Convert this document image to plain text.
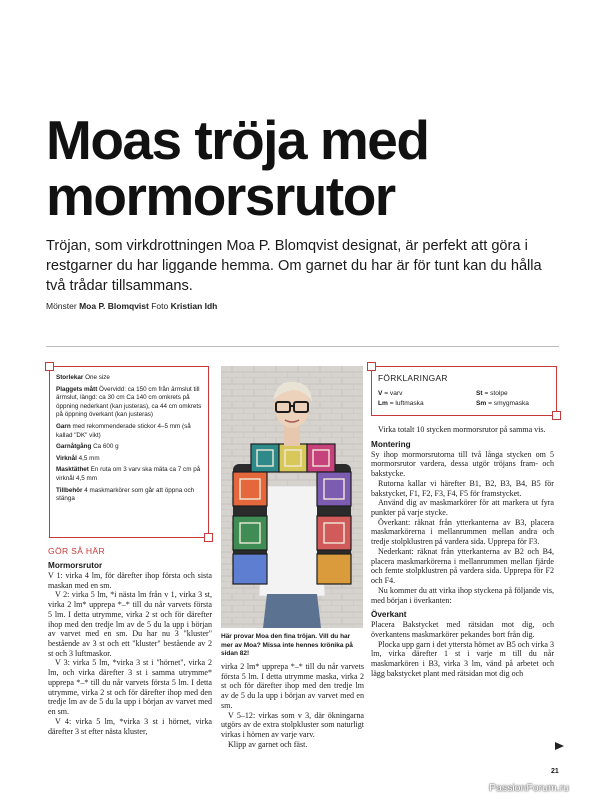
Moas tröja med mormorsrutor

Tröjan, som virkdrottningen Moa P. Blomqvist designat, är perfekt att göra i restgarner du har liggande hemma. Om garnet du har är för tunt kan du hålla två trådar tillsammans.

Mönster Moa P. Blomqvist Foto Kristian Idh
Storlekar One size
Plaggets mått Övervidd: ca 150 cm från ärmslut till ärmslut, längd: ca 30 cm Ca 140 cm omkrets på öppning nederkant (kan justeras), ca 44 cm omkrets på öppning överkant (kan justeras)
Garn med rekommenderade stickor 4–5 mm (så kallad "DK" vikt)
Garnåtgång Ca 600 g
Virknål 4,5 mm
Masktäthet En ruta om 3 varv ska mäta ca 7 cm på virknål 4,5 mm
Tillbehör 4 maskmarkörer som går att öppna och stänga
GÖR SÅ HÄR
Mormorsrutor

V 1: virka 4 lm, för därefter ihop första och sista maskan med en sm.

V 2: virka 5 lm, *i nästa lm från v 1, virka 3 st, virka 2 lm* upprepa *–* till du når varvets första 5 lm. I detta utrymme, virka 2 st och för därefter ihop med den tredje lm av de 5 du la upp i början av varvet med en sm. Du har nu 3 "kluster" bestående av 3 st och ett "kluster" bestående av 2 st och 3 luftmaskor.

V 3: virka 5 lm, *virka 3 st i "hörnet", virka 2 lm, och virka därefter 3 st i samma utrymme* upprepa *–* till du når varvets första 5 lm. I detta utrymme, virka 2 st och för därefter ihop med den tredje lm av de 5 du la upp i början av varvet med en sm.

V 4: virka 5 lm, *virka 3 st i hörnet, virka därefter 3 st efter nästa kluster,

Här provar Moa den fina tröjan. Vill du har mer av Moa? Missa inte hennes krönika på sidan 82!

virka 2 lm* upprepa *–* till du når varvets första 5 lm. I detta utrymme maska, virka 2 st och för därefter ihop med den tredje lm av de 5 du la upp i början av varvet med en sm.

V 5–12: virkas som v 3, där ökningarna utgörs av de extra stolpkluster som naturligt virkas i hörnen av varje varv.

Klipp av garnet och fäst.

FÖRKLARINGAR
V = varv	St = stolpe
Lm = luftmaska	Sm = smygmaska

Virka totalt 10 stycken mormorsrutor på samma vis.

Montering

Sy ihop mormorsrutorna till två långa stycken om 5 mormorsrutor vardera, dessa utgör tröjans fram- och bakstycke.

Rutorna kallar vi härefter B1, B2, B3, B4, B5 för bakstycket, F1, F2, F3, F4, F5 för framstycket.

Använd dig av maskmarkörer för att markera ut fyra punkter på varje stycke.

Överkant: räknat från ytterkanterna av B3, placera maskmarkörerna i mellanrummen mellan andra och tredje stolpklustren på vardera sida. Upprepa för F3.

Nederkant: räknat från ytterkanterna av B2 och B4, placera maskmarkörerna i mellanrummen mellan fjärde och femte stolpklustren på vardera sida. Upprepa för F2 och F4.

Nu kommer du att virka ihop styckena på följande vis, med början i överkanten:

Överkant

Placera Bakstycket med rätsidan mot dig, och överkantens maskmarkörer pekandes bort från dig.

Plocka upp garn i det yttersta hörnet av B5 och virka 3 lm, virka därefter 1 st i varje m till du når maskmarkören i B3, virka 3 lm, vänd på arbetet och lägg bakstycket plant med rätsidan mot dig och

21
PassionForum.ru
